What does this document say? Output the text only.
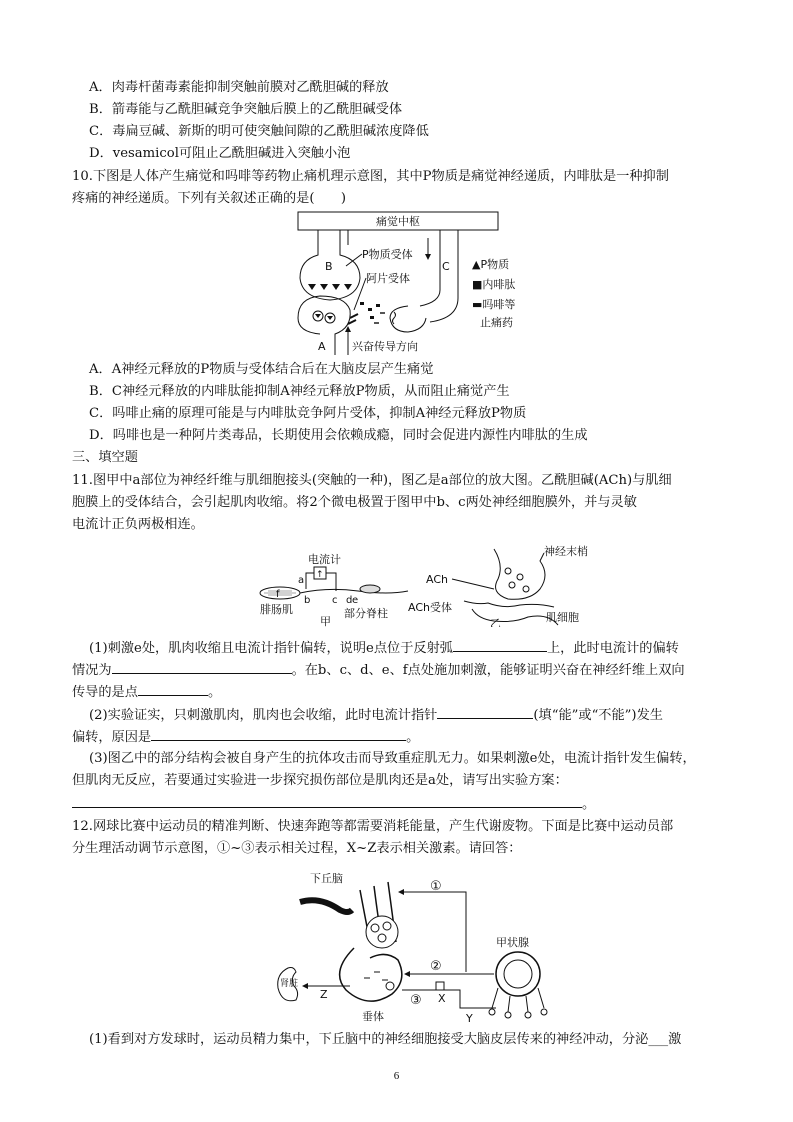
A．肉毒杆菌毒素能抑制突触前膜对乙酰胆碱的释放
B．箭毒能与乙酰胆碱竞争突触后膜上的乙酰胆碱受体
C．毒扁豆碱、新斯的明可使突触间隙的乙酰胆碱浓度降低
D．vesamicol可阻止乙酰胆碱进入突触小泡
10.下图是人体产生痛觉和吗啡等药物止痛机理示意图，其中P物质是痛觉神经递质，内啡肽是一种抑制
疼痛的神经递质。下列有关叙述正确的是(　　)
痛觉中枢
B
A
C
P物质受体
阿片受体
兴奋传导方向
▲P物质
■内啡肽
▬吗啡等
止痛药
A．A神经元释放的P物质与受体结合后在大脑皮层产生痛觉
B．C神经元释放的内啡肽能抑制A神经元释放P物质，从而阻止痛觉产生
C．吗啡止痛的原理可能是与内啡肽竞争阿片受体，抑制A神经元释放P物质
D．吗啡也是一种阿片类毒品，长期使用会依赖成瘾，同时会促进内源性内啡肽的生成
三、填空题
11.图甲中a部位为神经纤维与肌细胞接头(突触的一种)，图乙是a部位的放大图。乙酰胆碱(ACh)与肌细
胞膜上的受体结合，会引起肌肉收缩。将2个微电极置于图甲中b、c两处神经细胞膜外，并与灵敏
电流计正负两极相连。
腓肠肌
电流计
↑
a
b c d e
f
部分脊柱
甲
神经末梢
ACh
ACh受体
肌细胞
乙
(1)刺激e处，肌肉收缩且电流计指针偏转，说明e点位于反射弧	上，此时电流计的偏转
情况为	。在b、c、d、e、f点处施加刺激，能够证明兴奋在神经纤维上双向
传导的是点	。
(2)实验证实，只刺激肌肉，肌肉也会收缩，此时电流计指针	(填“能”或“不能”)发生
偏转，原因是	。
(3)图乙中的部分结构会被自身产生的抗体攻击而导致重症肌无力。如果刺激e处，电流计指针发生偏转，
但肌肉无反应，若要通过实验进一步探究损伤部位是肌肉还是a处，请写出实验方案：
。
12.网球比赛中运动员的精准判断、快速奔跑等都需要消耗能量，产生代谢废物。下面是比赛中运动员部
分生理活动调节示意图，①~③表示相关过程，X~Z表示相关激素。请回答：
下丘脑
垂体
肾脏
Z
甲状腺
①
②
③ X
Y
(1)看到对方发球时，运动员精力集中，下丘脑中的神经细胞接受大脑皮层传来的神经冲动，分泌___激
6
